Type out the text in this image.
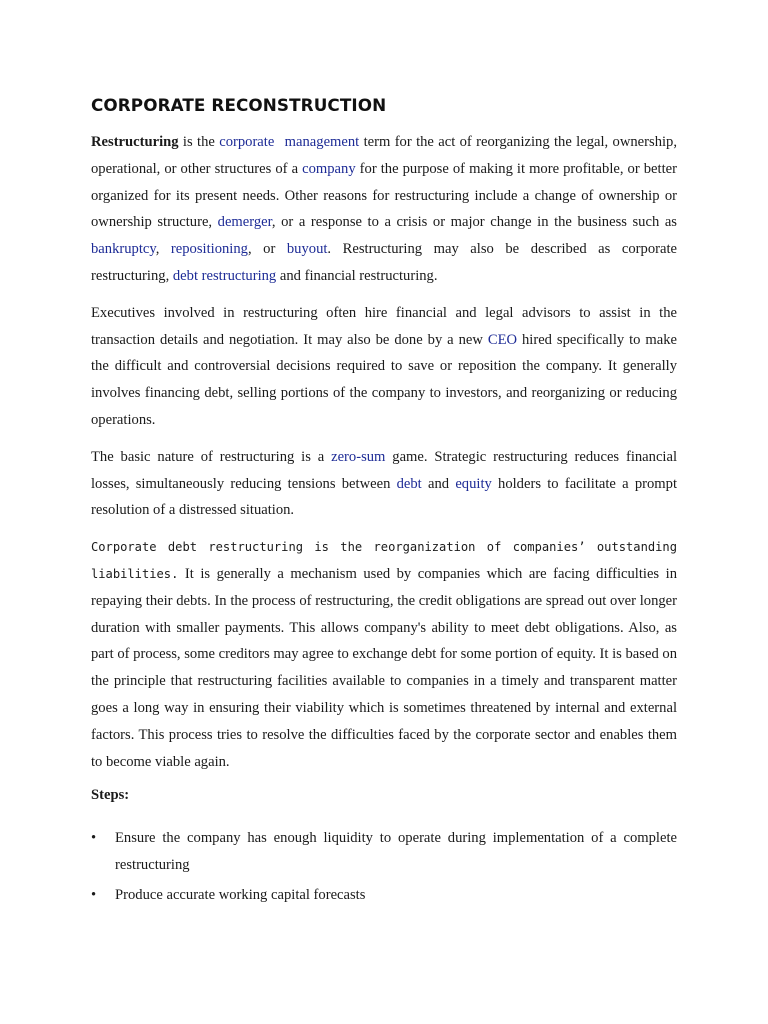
CORPORATE RECONSTRUCTION

Restructuring is the corporate management term for the act of reorganizing the legal, ownership, operational, or other structures of a company for the purpose of making it more profitable, or better organized for its present needs. Other reasons for restructuring include a change of ownership or ownership structure, demerger, or a response to a crisis or major change in the business such as bankruptcy, repositioning, or buyout. Restructuring may also be described as corporate restructuring, debt restructuring and financial restructuring.

Executives involved in restructuring often hire financial and legal advisors to assist in the transaction details and negotiation. It may also be done by a new CEO hired specifically to make the difficult and controversial decisions required to save or reposition the company. It generally involves financing debt, selling portions of the company to investors, and reorganizing or reducing operations.

The basic nature of restructuring is a zero-sum game. Strategic restructuring reduces financial losses, simultaneously reducing tensions between debt and equity holders to facilitate a prompt resolution of a distressed situation.

Corporate debt restructuring is the reorganization of companies’ outstanding liabilities. It is generally a mechanism used by companies which are facing difficulties in repaying their debts. In the process of restructuring, the credit obligations are spread out over longer duration with smaller payments. This allows company's ability to meet debt obligations. Also, as part of process, some creditors may agree to exchange debt for some portion of equity. It is based on the principle that restructuring facilities available to companies in a timely and transparent matter goes a long way in ensuring their viability which is sometimes threatened by internal and external factors. This process tries to resolve the difficulties faced by the corporate sector and enables them to become viable again.

Steps:
• Ensure the company has enough liquidity to operate during implementation of a complete restructuring
• Produce accurate working capital forecasts
